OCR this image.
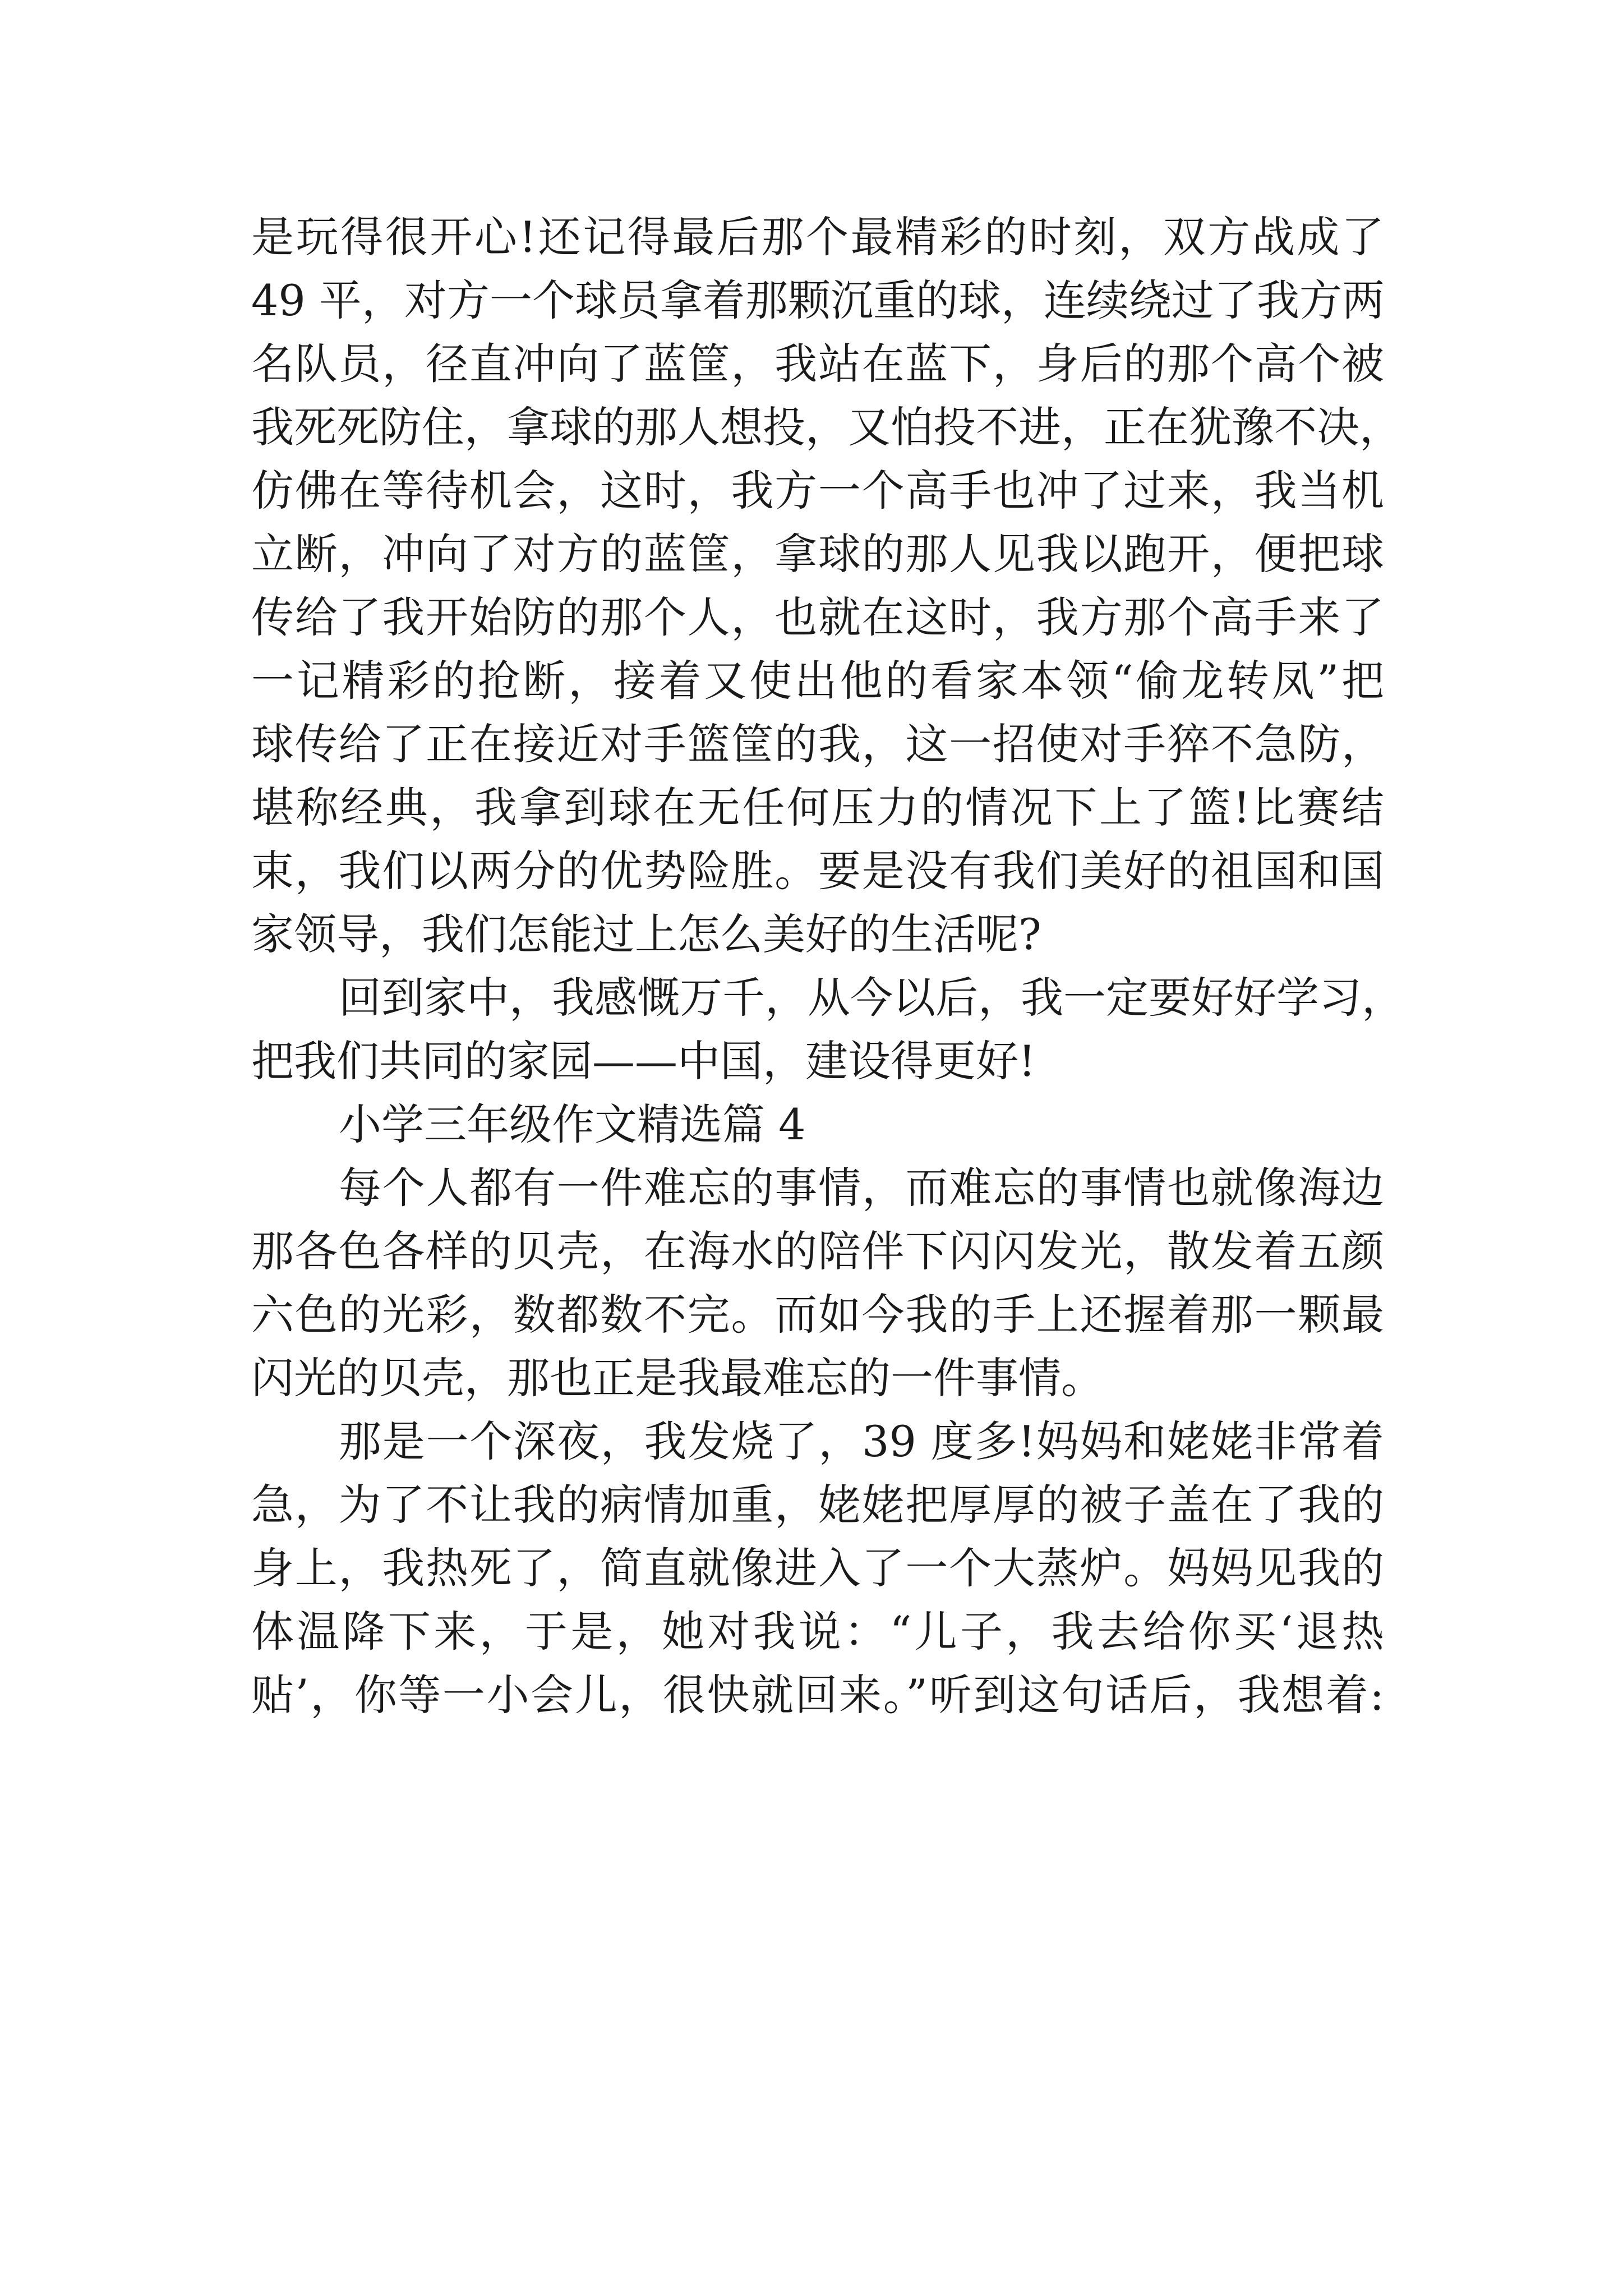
是玩得很开心!还记得最后那个最精彩的时刻，双方战成了
49 平，对方一个球员拿着那颗沉重的球，连续绕过了我方两
名队员，径直冲向了蓝筐，我站在蓝下，身后的那个高个被
我死死防住，拿球的那人想投，又怕投不进，正在犹豫不决，
仿佛在等待机会，这时，我方一个高手也冲了过来，我当机
立断，冲向了对方的蓝筐，拿球的那人见我以跑开，便把球
传给了我开始防的那个人，也就在这时，我方那个高手来了
一记精彩的抢断，接着又使出他的看家本领“偷龙转凤”把
球传给了正在接近对手篮筐的我，这一招使对手猝不急防，
堪称经典，我拿到球在无任何压力的情况下上了篮!比赛结
束，我们以两分的优势险胜。要是没有我们美好的祖国和国
家领导，我们怎能过上怎么美好的生活呢?
回到家中，我感慨万千，从今以后，我一定要好好学习，
把我们共同的家园——中国，建设得更好!
小学三年级作文精选篇 4
每个人都有一件难忘的事情，而难忘的事情也就像海边
那各色各样的贝壳，在海水的陪伴下闪闪发光，散发着五颜
六色的光彩，数都数不完。而如今我的手上还握着那一颗最
闪光的贝壳，那也正是我最难忘的一件事情。
那是一个深夜，我发烧了，39 度多!妈妈和姥姥非常着
急，为了不让我的病情加重，姥姥把厚厚的被子盖在了我的
身上，我热死了，简直就像进入了一个大蒸炉。妈妈见我的
体温降下来，于是，她对我说：“儿子，我去给你买‘退热
贴’，你等一小会儿，很快就回来。”听到这句话后，我想着:
